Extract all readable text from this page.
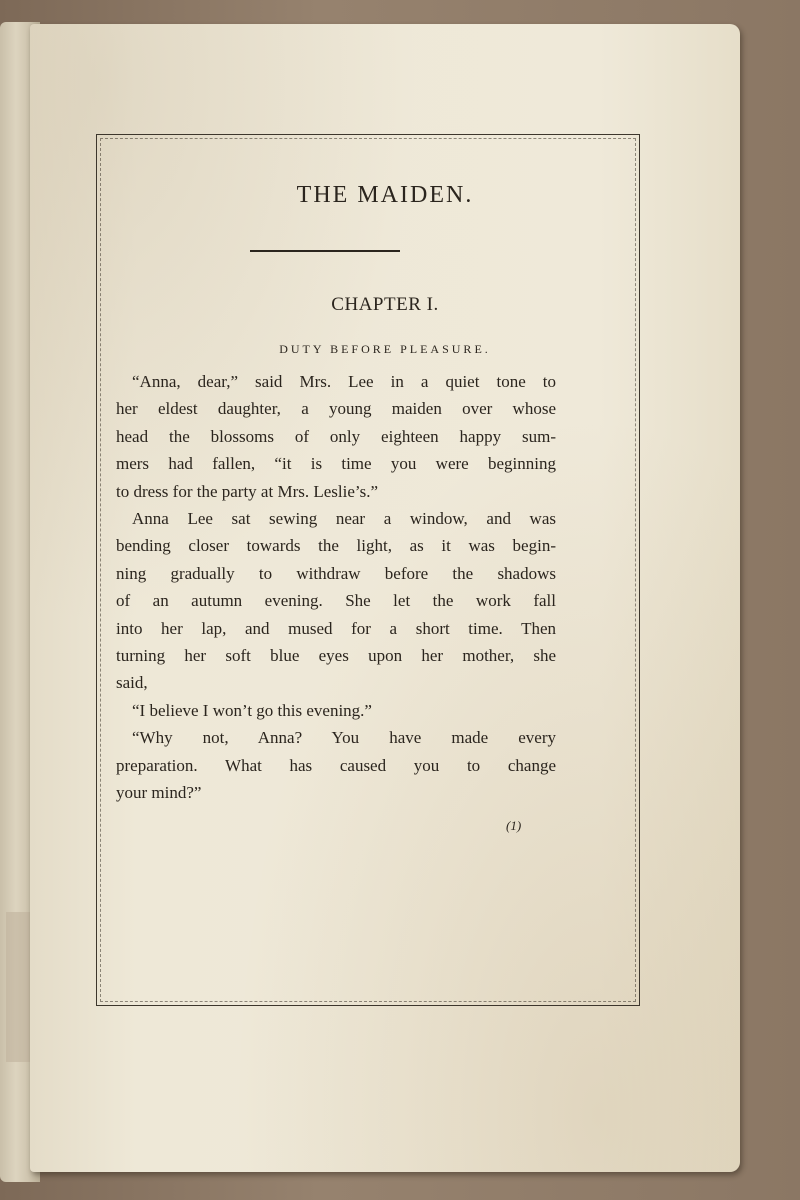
THE MAIDEN.
CHAPTER I.
DUTY BEFORE PLEASURE.
“Anna, dear,” said Mrs. Lee in a quiet tone to
her eldest daughter, a young maiden over whose
head the blossoms of only eighteen happy sum-
mers had fallen, “it is time you were beginning
to dress for the party at Mrs. Leslie’s.”
Anna Lee sat sewing near a window, and was
bending closer towards the light, as it was begin-
ning gradually to withdraw before the shadows
of an autumn evening. She let the work fall
into her lap, and mused for a short time. Then
turning her soft blue eyes upon her mother, she
said,
“I believe I won’t go this evening.”
“Why not, Anna? You have made every
preparation. What has caused you to change
your mind?”
(1)
